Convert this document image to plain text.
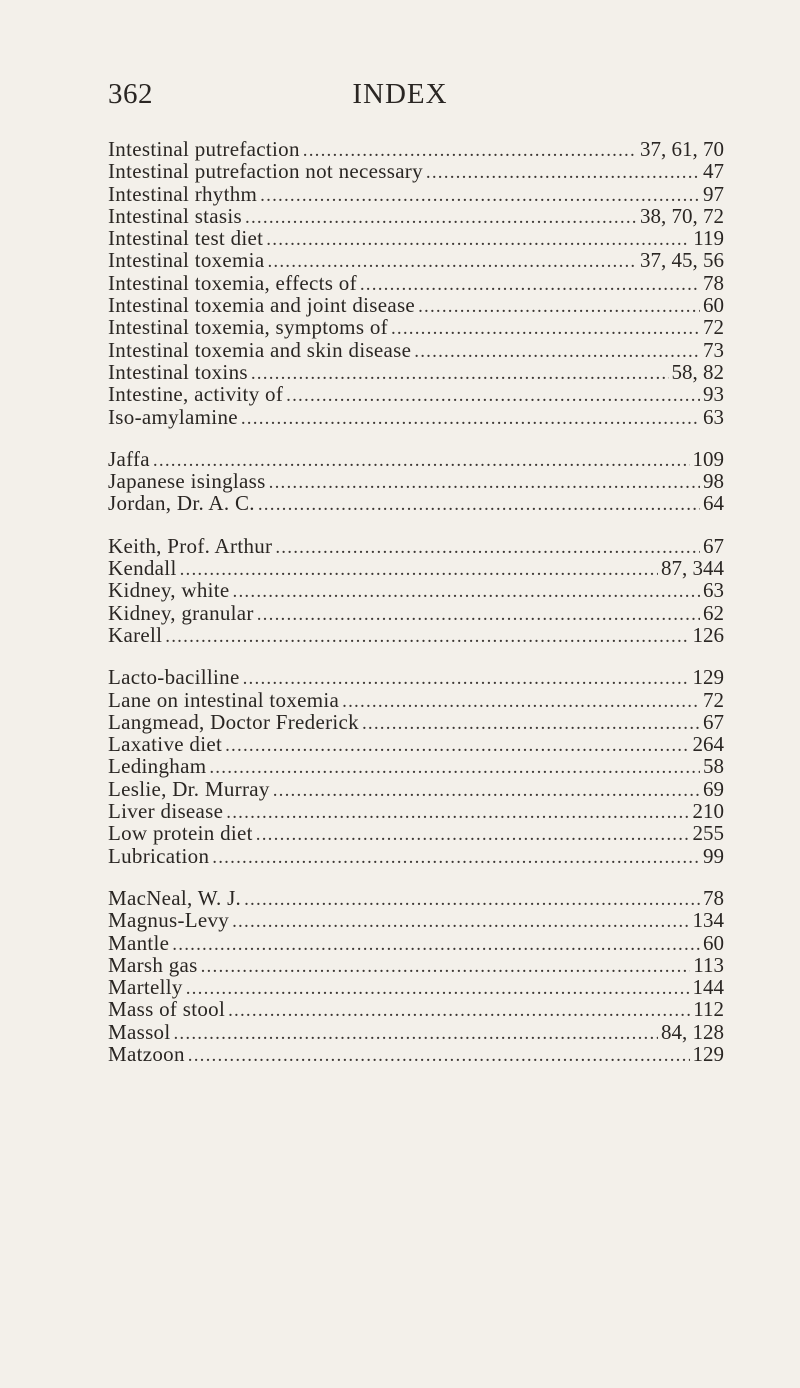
362	INDEX
Intestinal putrefaction .....	37, 61, 70
Intestinal putrefaction not necessary .....	47
Intestinal rhythm .....	97
Intestinal stasis .....	38, 70, 72
Intestinal test diet .....	119
Intestinal toxemia .....	37, 45, 56
Intestinal toxemia, effects of .....	78
Intestinal toxemia and joint disease .....	60
Intestinal toxemia, symptoms of .....	72
Intestinal toxemia and skin disease .....	73
Intestinal toxins .....	58, 82
Intestine, activity of .....	93
Iso-amylamine .....	63
Jaffa .....	109
Japanese isinglass .....	98
Jordan, Dr. A. C. .....	64
Keith, Prof. Arthur .....	67
Kendall .....	87, 344
Kidney, white .....	63
Kidney, granular .....	62
Karell .....	126
Lacto-bacilline .....	129
Lane on intestinal toxemia .....	72
Langmead, Doctor Frederick .....	67
Laxative diet .....	264
Ledingham .....	58
Leslie, Dr. Murray .....	69
Liver disease .....	210
Low protein diet .....	255
Lubrication .....	99
MacNeal, W. J. .....	78
Magnus-Levy .....	134
Mantle .....	60
Marsh gas .....	113
Martelly .....	144
Mass of stool .....	112
Massol .....	84, 128
Matzoon .....	129
